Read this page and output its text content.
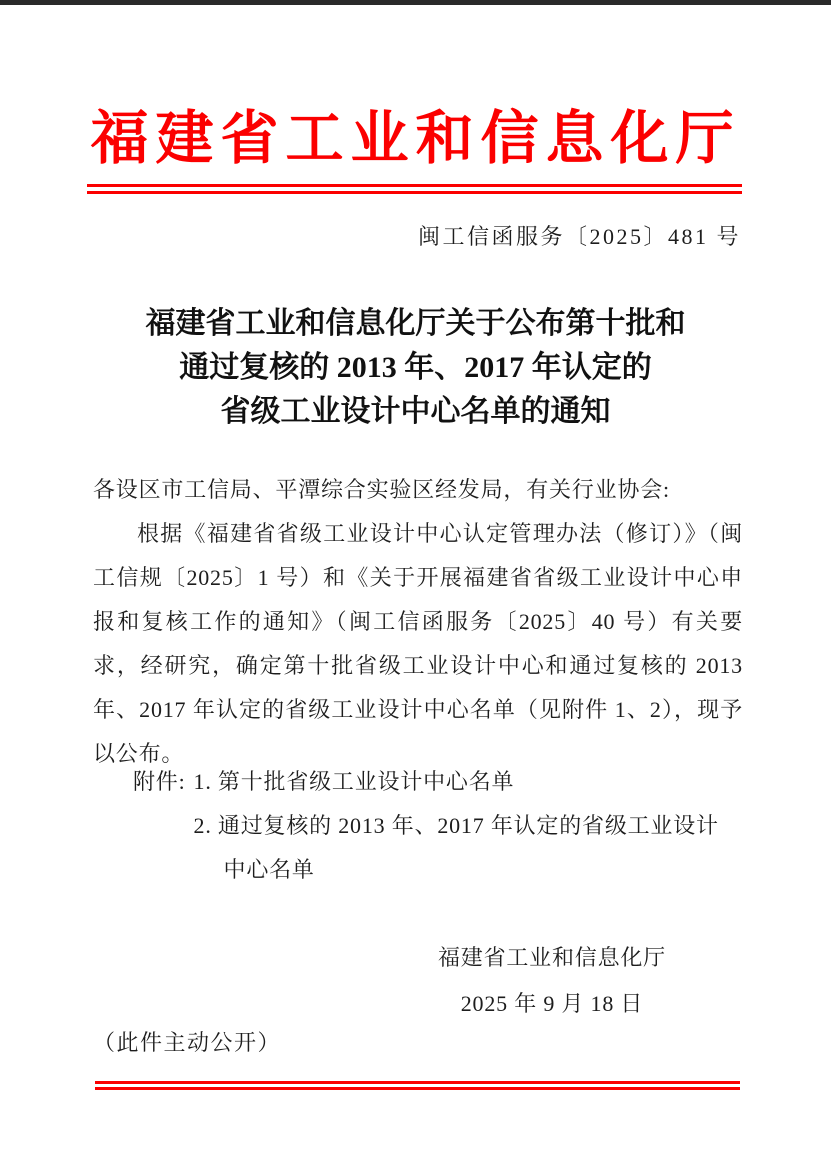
福建省工业和信息化厅
闽工信函服务〔2025〕481 号
福建省工业和信息化厅关于公布第十批和
通过复核的 2013 年、2017 年认定的
省级工业设计中心名单的通知

各设区市工信局、平潭综合实验区经发局，有关行业协会:

根据《福建省省级工业设计中心认定管理办法（修订）》（闽工信规〔2025〕1 号）和《关于开展福建省省级工业设计中心申报和复核工作的通知》（闽工信函服务〔2025〕40 号）有关要求，经研究，确定第十批省级工业设计中心和通过复核的 2013 年、2017 年认定的省级工业设计中心名单（见附件 1、2），现予以公布。

附件: 1. 第十批省级工业设计中心名单
2. 通过复核的 2013 年、2017 年认定的省级工业设计中心名单
福建省工业和信息化厅
2025 年 9 月 18 日
（此件主动公开）
